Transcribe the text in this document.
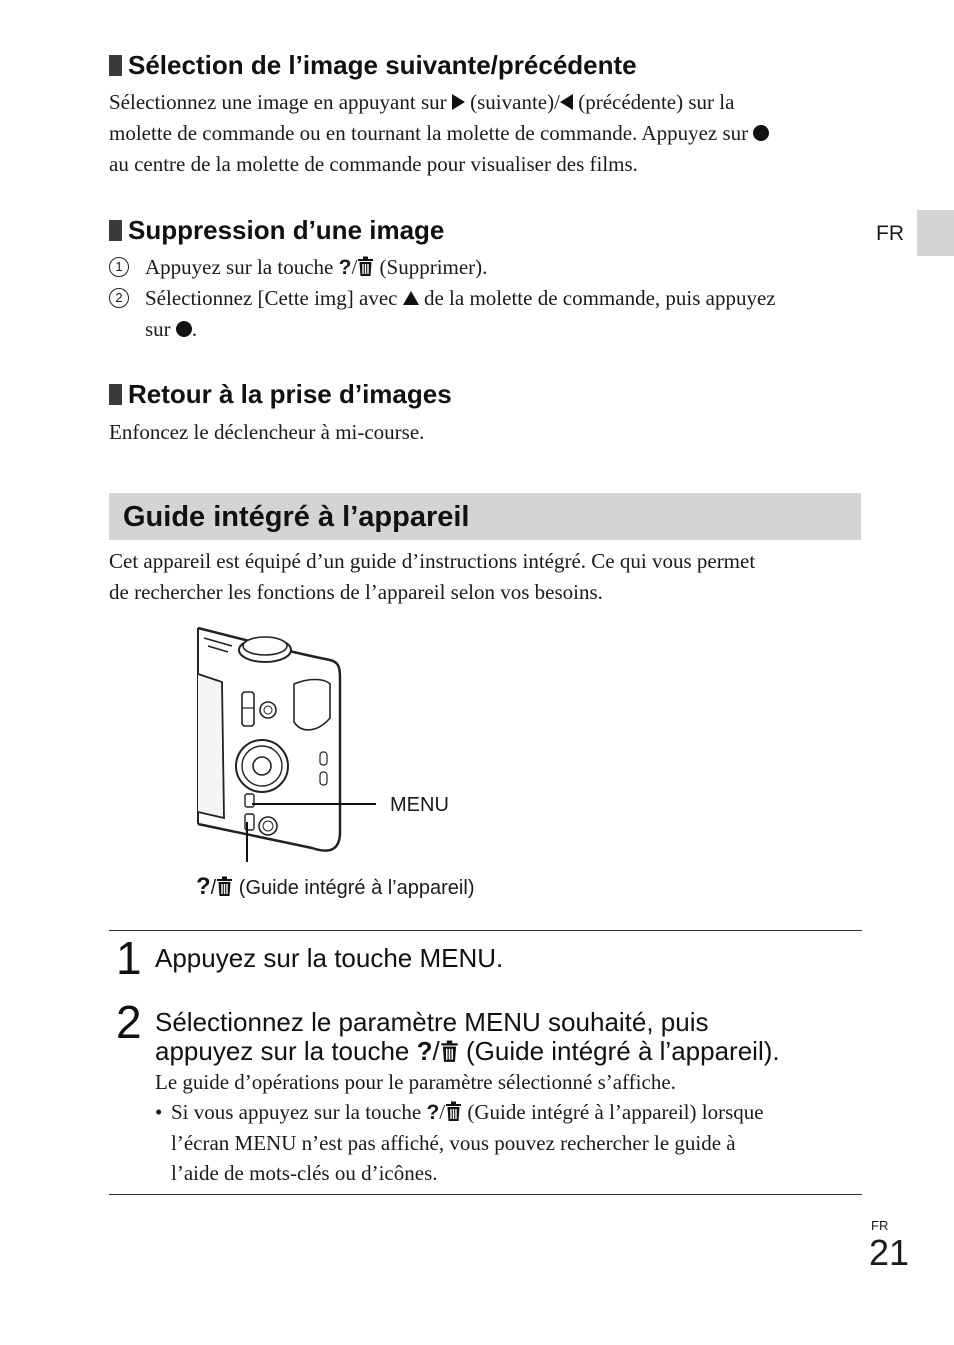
Sélection de l’image suivante/précédente
Sélectionnez une image en appuyant sur (suivante)/ (précédente) sur la
molette de commande ou en tournant la molette de commande. Appuyez sur
au centre de la molette de commande pour visualiser des films.
Suppression d’une image
1	Appuyez sur la touche ?/ (Supprimer).
2	Sélectionnez [Cette img] avec de la molette de commande, puis appuyez
sur .
Retour à la prise d’images
Enfoncez le déclencheur à mi-course.
FR
Guide intégré à l’appareil
Cet appareil est équipé d’un guide d’instructions intégré. Ce qui vous permet
de rechercher les fonctions de l’appareil selon vos besoins.
MENU
?/ (Guide intégré à l’appareil)
1 Appuyez sur la touche MENU.
2 Sélectionnez le paramètre MENU souhaité, puis
appuyez sur la touche ?/ (Guide intégré à l’appareil).
Le guide d’opérations pour le paramètre sélectionné s’affiche.
• Si vous appuyez sur la touche ?/ (Guide intégré à l’appareil) lorsque
l’écran MENU n’est pas affiché, vous pouvez rechercher le guide à
l’aide de mots-clés ou d’icônes.
FR
21
